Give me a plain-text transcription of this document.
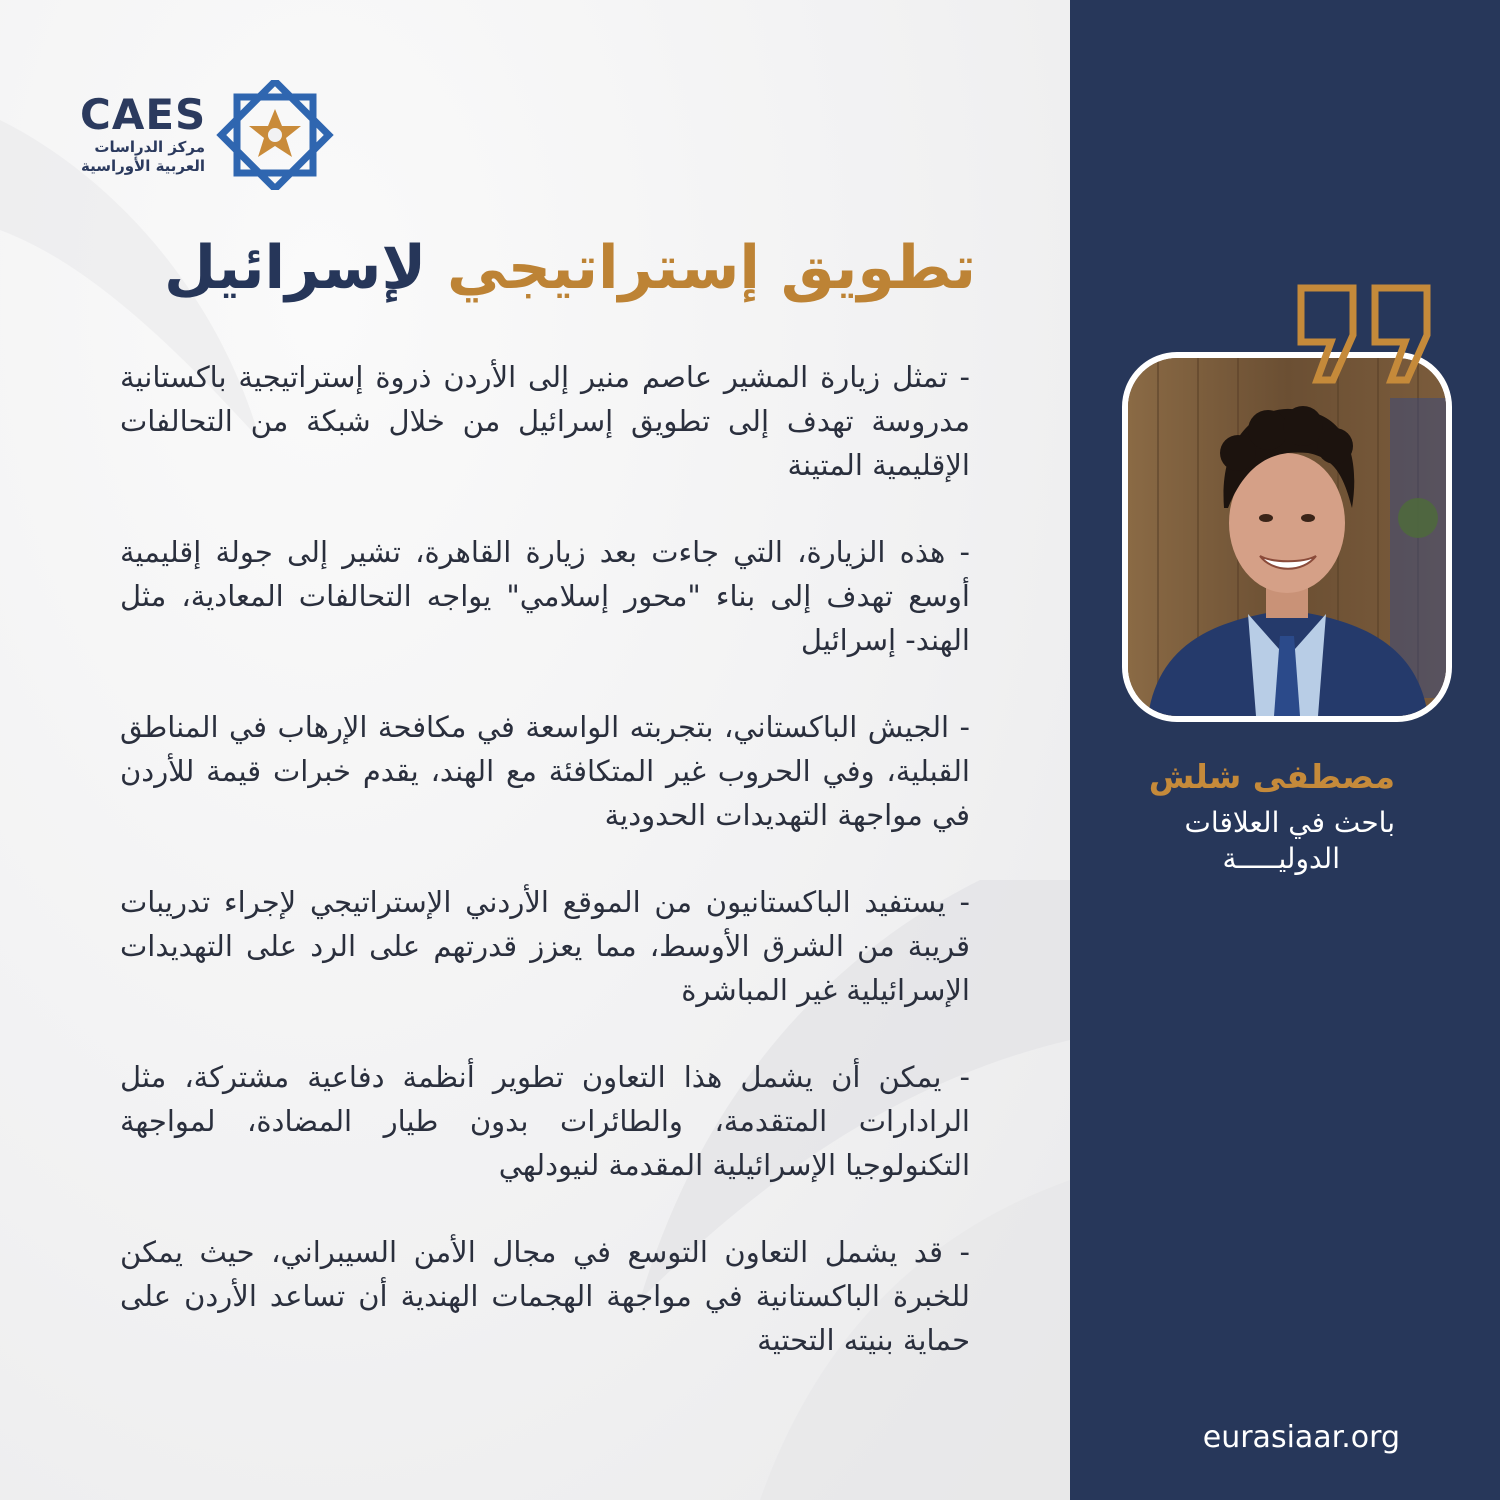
CAES
مركز الدراسات
العربية الأوراسية
تطويق إستراتيجي لإسرائيل
- تمثل زيارة المشير عاصم منير إلى الأردن ذروة إستراتيجية باكستانية مدروسة تهدف إلى تطويق إسرائيل من خلال شبكة من التحالفات الإقليمية المتينة
- هذه الزيارة، التي جاءت بعد زيارة القاهرة، تشير إلى جولة إقليمية أوسع تهدف إلى بناء "محور إسلامي" يواجه التحالفات المعادية، مثل الهند- إسرائيل
- الجيش الباكستاني، بتجربته الواسعة في مكافحة الإرهاب في المناطق القبلية، وفي الحروب غير المتكافئة مع الهند، يقدم خبرات قيمة للأردن في مواجهة التهديدات الحدودية
- يستفيد الباكستانيون من الموقع الأردني الإستراتيجي لإجراء تدريبات قريبة من الشرق الأوسط، مما يعزز قدرتهم على الرد على التهديدات الإسرائيلية غير المباشرة
- يمكن أن يشمل هذا التعاون تطوير أنظمة دفاعية مشتركة، مثل الرادارات المتقدمة، والطائرات بدون طيار المضادة، لمواجهة التكنولوجيا الإسرائيلية المقدمة لنيودلهي
- قد يشمل التعاون التوسع في مجال الأمن السيبراني، حيث يمكن للخبرة الباكستانية في مواجهة الهجمات الهندية أن تساعد الأردن على حماية بنيته التحتية
مصطفى شلش
باحث في العلاقات
الدوليـــــة
eurasiaar.org
